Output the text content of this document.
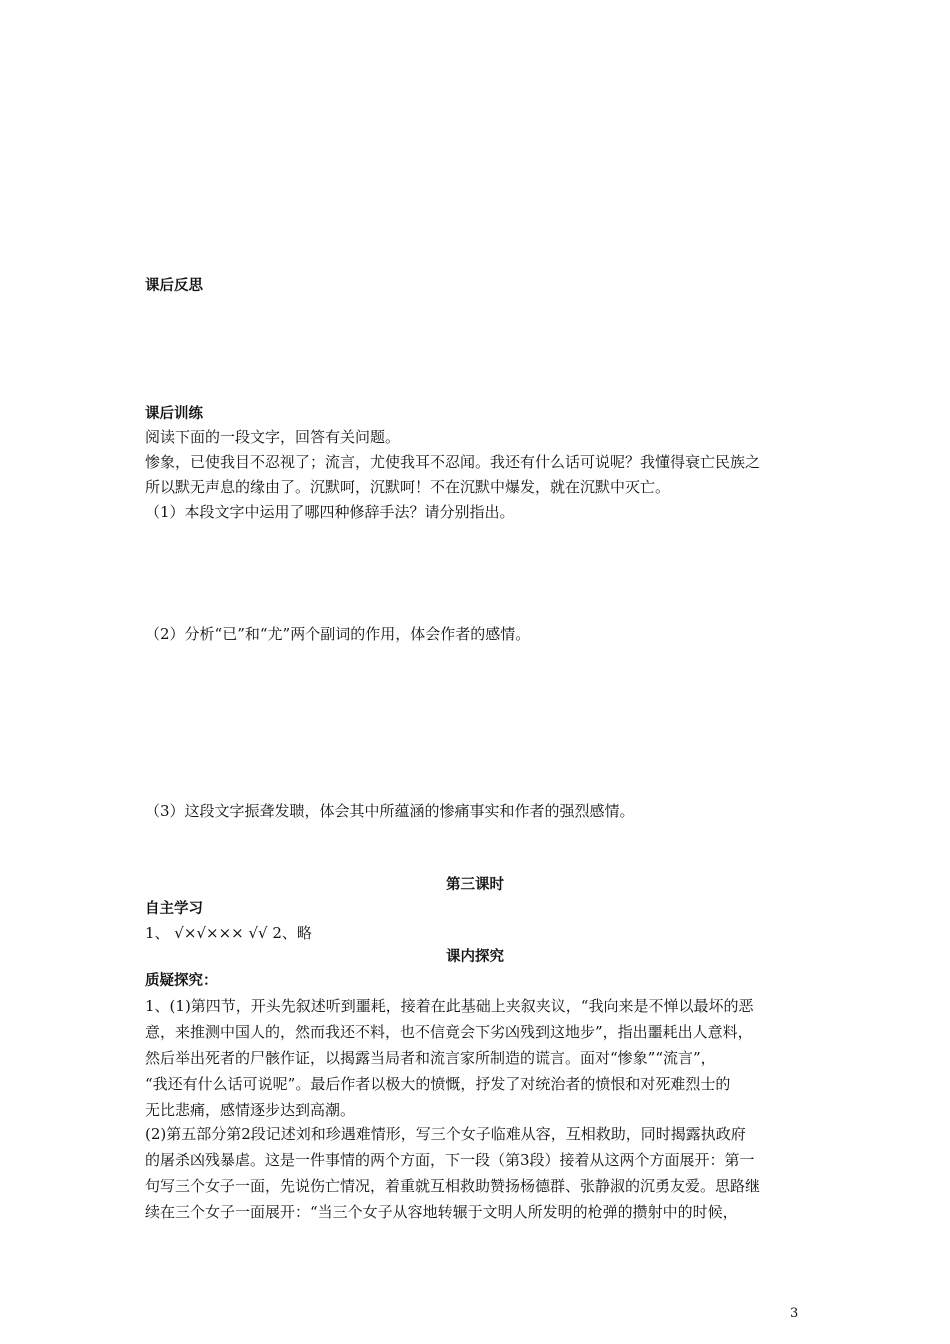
课后反思
课后训练
阅读下面的一段文字，回答有关问题。
惨象，已使我目不忍视了；流言，尤使我耳不忍闻。我还有什么话可说呢？我懂得衰亡民族之
所以默无声息的缘由了。沉默呵，沉默呵！不在沉默中爆发，就在沉默中灭亡。
（1）本段文字中运用了哪四种修辞手法？请分别指出。
（2）分析“已”和“尤”两个副词的作用，体会作者的感情。
（3）这段文字振聋发聩，体会其中所蕴涵的惨痛事实和作者的强烈感情。
第三课时
自主学习
1、 √×√××× √√ 2、略
课内探究
质疑探究：
1、(1)第四节，开头先叙述听到噩耗，接着在此基础上夹叙夹议，“我向来是不惮以最坏的恶
意，来推测中国人的，然而我还不料，也不信竟会下劣凶残到这地步”，指出噩耗出人意料，
然后举出死者的尸骸作证，以揭露当局者和流言家所制造的谎言。面对“惨象”“流言”，
“我还有什么话可说呢”。最后作者以极大的愤慨，抒发了对统治者的愤恨和对死难烈士的
无比悲痛，感情逐步达到高潮。
(2)第五部分第2段记述刘和珍遇难情形，写三个女子临难从容，互相救助，同时揭露执政府
的屠杀凶残暴虐。这是一件事情的两个方面，下一段（第3段）接着从这两个方面展开：第一
句写三个女子一面，先说伤亡情况，着重就互相救助赞扬杨德群、张静淑的沉勇友爱。思路继
续在三个女子一面展开：“当三个女子从容地转辗于文明人所发明的枪弹的攒射中的时候，
3
